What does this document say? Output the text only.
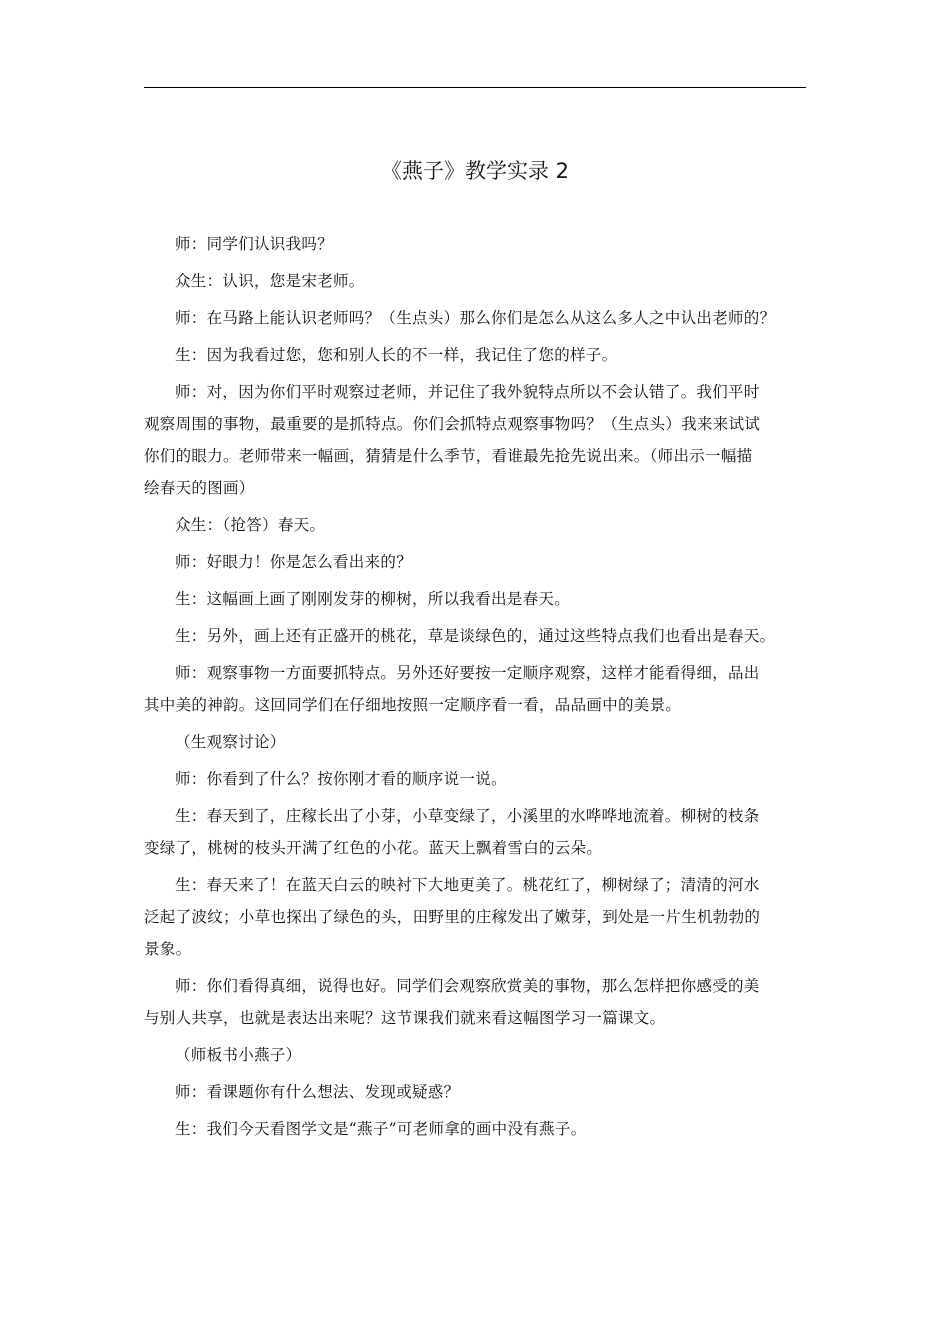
《燕子》教学实录 2

师：同学们认识我吗？

众生：认识，您是宋老师。

师：在马路上能认识老师吗？（生点头）那么你们是怎么从这么多人之中认出老师的？

生：因为我看过您，您和别人长的不一样，我记住了您的样子。

师：对，因为你们平时观察过老师，并记住了我外貌特点所以不会认错了。我们平时
观察周围的事物，最重要的是抓特点。你们会抓特点观察事物吗？（生点头）我来来试试
你们的眼力。老师带来一幅画，猜猜是什么季节，看谁最先抢先说出来。（师出示一幅描
绘春天的图画）

众生：（抢答）春天。

师：好眼力！你是怎么看出来的？

生：这幅画上画了刚刚发芽的柳树，所以我看出是春天。

生：另外，画上还有正盛开的桃花，草是谈绿色的，通过这些特点我们也看出是春天。

师：观察事物一方面要抓特点。另外还好要按一定顺序观察，这样才能看得细，品出
其中美的神韵。这回同学们在仔细地按照一定顺序看一看，品品画中的美景。

（生观察讨论）

师：你看到了什么？按你刚才看的顺序说一说。

生：春天到了，庄稼长出了小芽，小草变绿了，小溪里的水哗哗地流着。柳树的枝条
变绿了，桃树的枝头开满了红色的小花。蓝天上飘着雪白的云朵。

生：春天来了！在蓝天白云的映衬下大地更美了。桃花红了，柳树绿了；清清的河水
泛起了波纹；小草也探出了绿色的头，田野里的庄稼发出了嫩芽，到处是一片生机勃勃的
景象。

师：你们看得真细，说得也好。同学们会观察欣赏美的事物，那么怎样把你感受的美
与别人共享，也就是表达出来呢？这节课我们就来看这幅图学习一篇课文。

（师板书小燕子）

师：看课题你有什么想法、发现或疑惑？

生：我们今天看图学文是“燕子”可老师拿的画中没有燕子。
